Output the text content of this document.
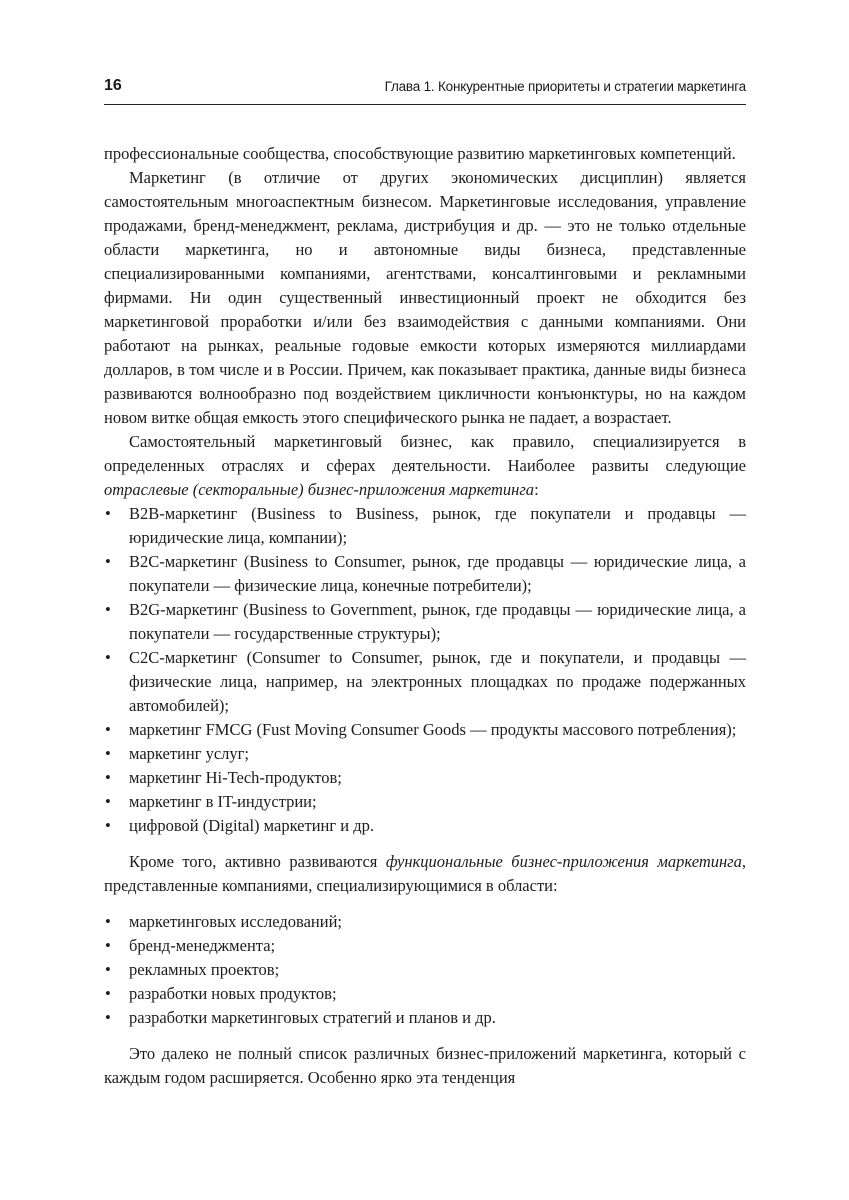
16	Глава 1. Конкурентные приоритеты и стратегии маркетинга

профессиональные сообщества, способствующие развитию маркетинговых компетенций.

Маркетинг (в отличие от других экономических дисциплин) является самостоятельным многоаспектным бизнесом. Маркетинговые исследования, управление продажами, бренд-менеджмент, реклама, дистрибуция и др. — это не только отдельные области маркетинга, но и автономные виды бизнеса, представленные специализированными компаниями, агентствами, консалтинговыми и рекламными фирмами. Ни один существенный инвестиционный проект не обходится без маркетинговой проработки и/или без взаимодействия с данными компаниями. Они работают на рынках, реальные годовые емкости которых измеряются миллиардами долларов, в том числе и в России. Причем, как показывает практика, данные виды бизнеса развиваются волнообразно под воздействием цикличности конъюнктуры, но на каждом новом витке общая емкость этого специфического рынка не падает, а возрастает.

Самостоятельный маркетинговый бизнес, как правило, специализируется в определенных отраслях и сферах деятельности. Наиболее развиты следующие отраслевые (секторальные) бизнес-приложения маркетинга:

• B2B-маркетинг (Business to Business, рынок, где покупатели и продавцы — юридические лица, компании);
• B2C-маркетинг (Business to Consumer, рынок, где продавцы — юридические лица, а покупатели — физические лица, конечные потребители);
• B2G-маркетинг (Business to Government, рынок, где продавцы — юридические лица, а покупатели — государственные структуры);
• C2C-маркетинг (Consumer to Consumer, рынок, где и покупатели, и продавцы — физические лица, например, на электронных площадках по продаже подержанных автомобилей);
• маркетинг FMCG (Fust Moving Consumer Goods — продукты массового потребления);
• маркетинг услуг;
• маркетинг Hi-Tech-продуктов;
• маркетинг в IT-индустрии;
• цифровой (Digital) маркетинг и др.

Кроме того, активно развиваются функциональные бизнес-приложения маркетинга, представленные компаниями, специализирующимися в области:

• маркетинговых исследований;
• бренд-менеджмента;
• рекламных проектов;
• разработки новых продуктов;
• разработки маркетинговых стратегий и планов и др.

Это далеко не полный список различных бизнес-приложений маркетинга, который с каждым годом расширяется. Особенно ярко эта тенденция
